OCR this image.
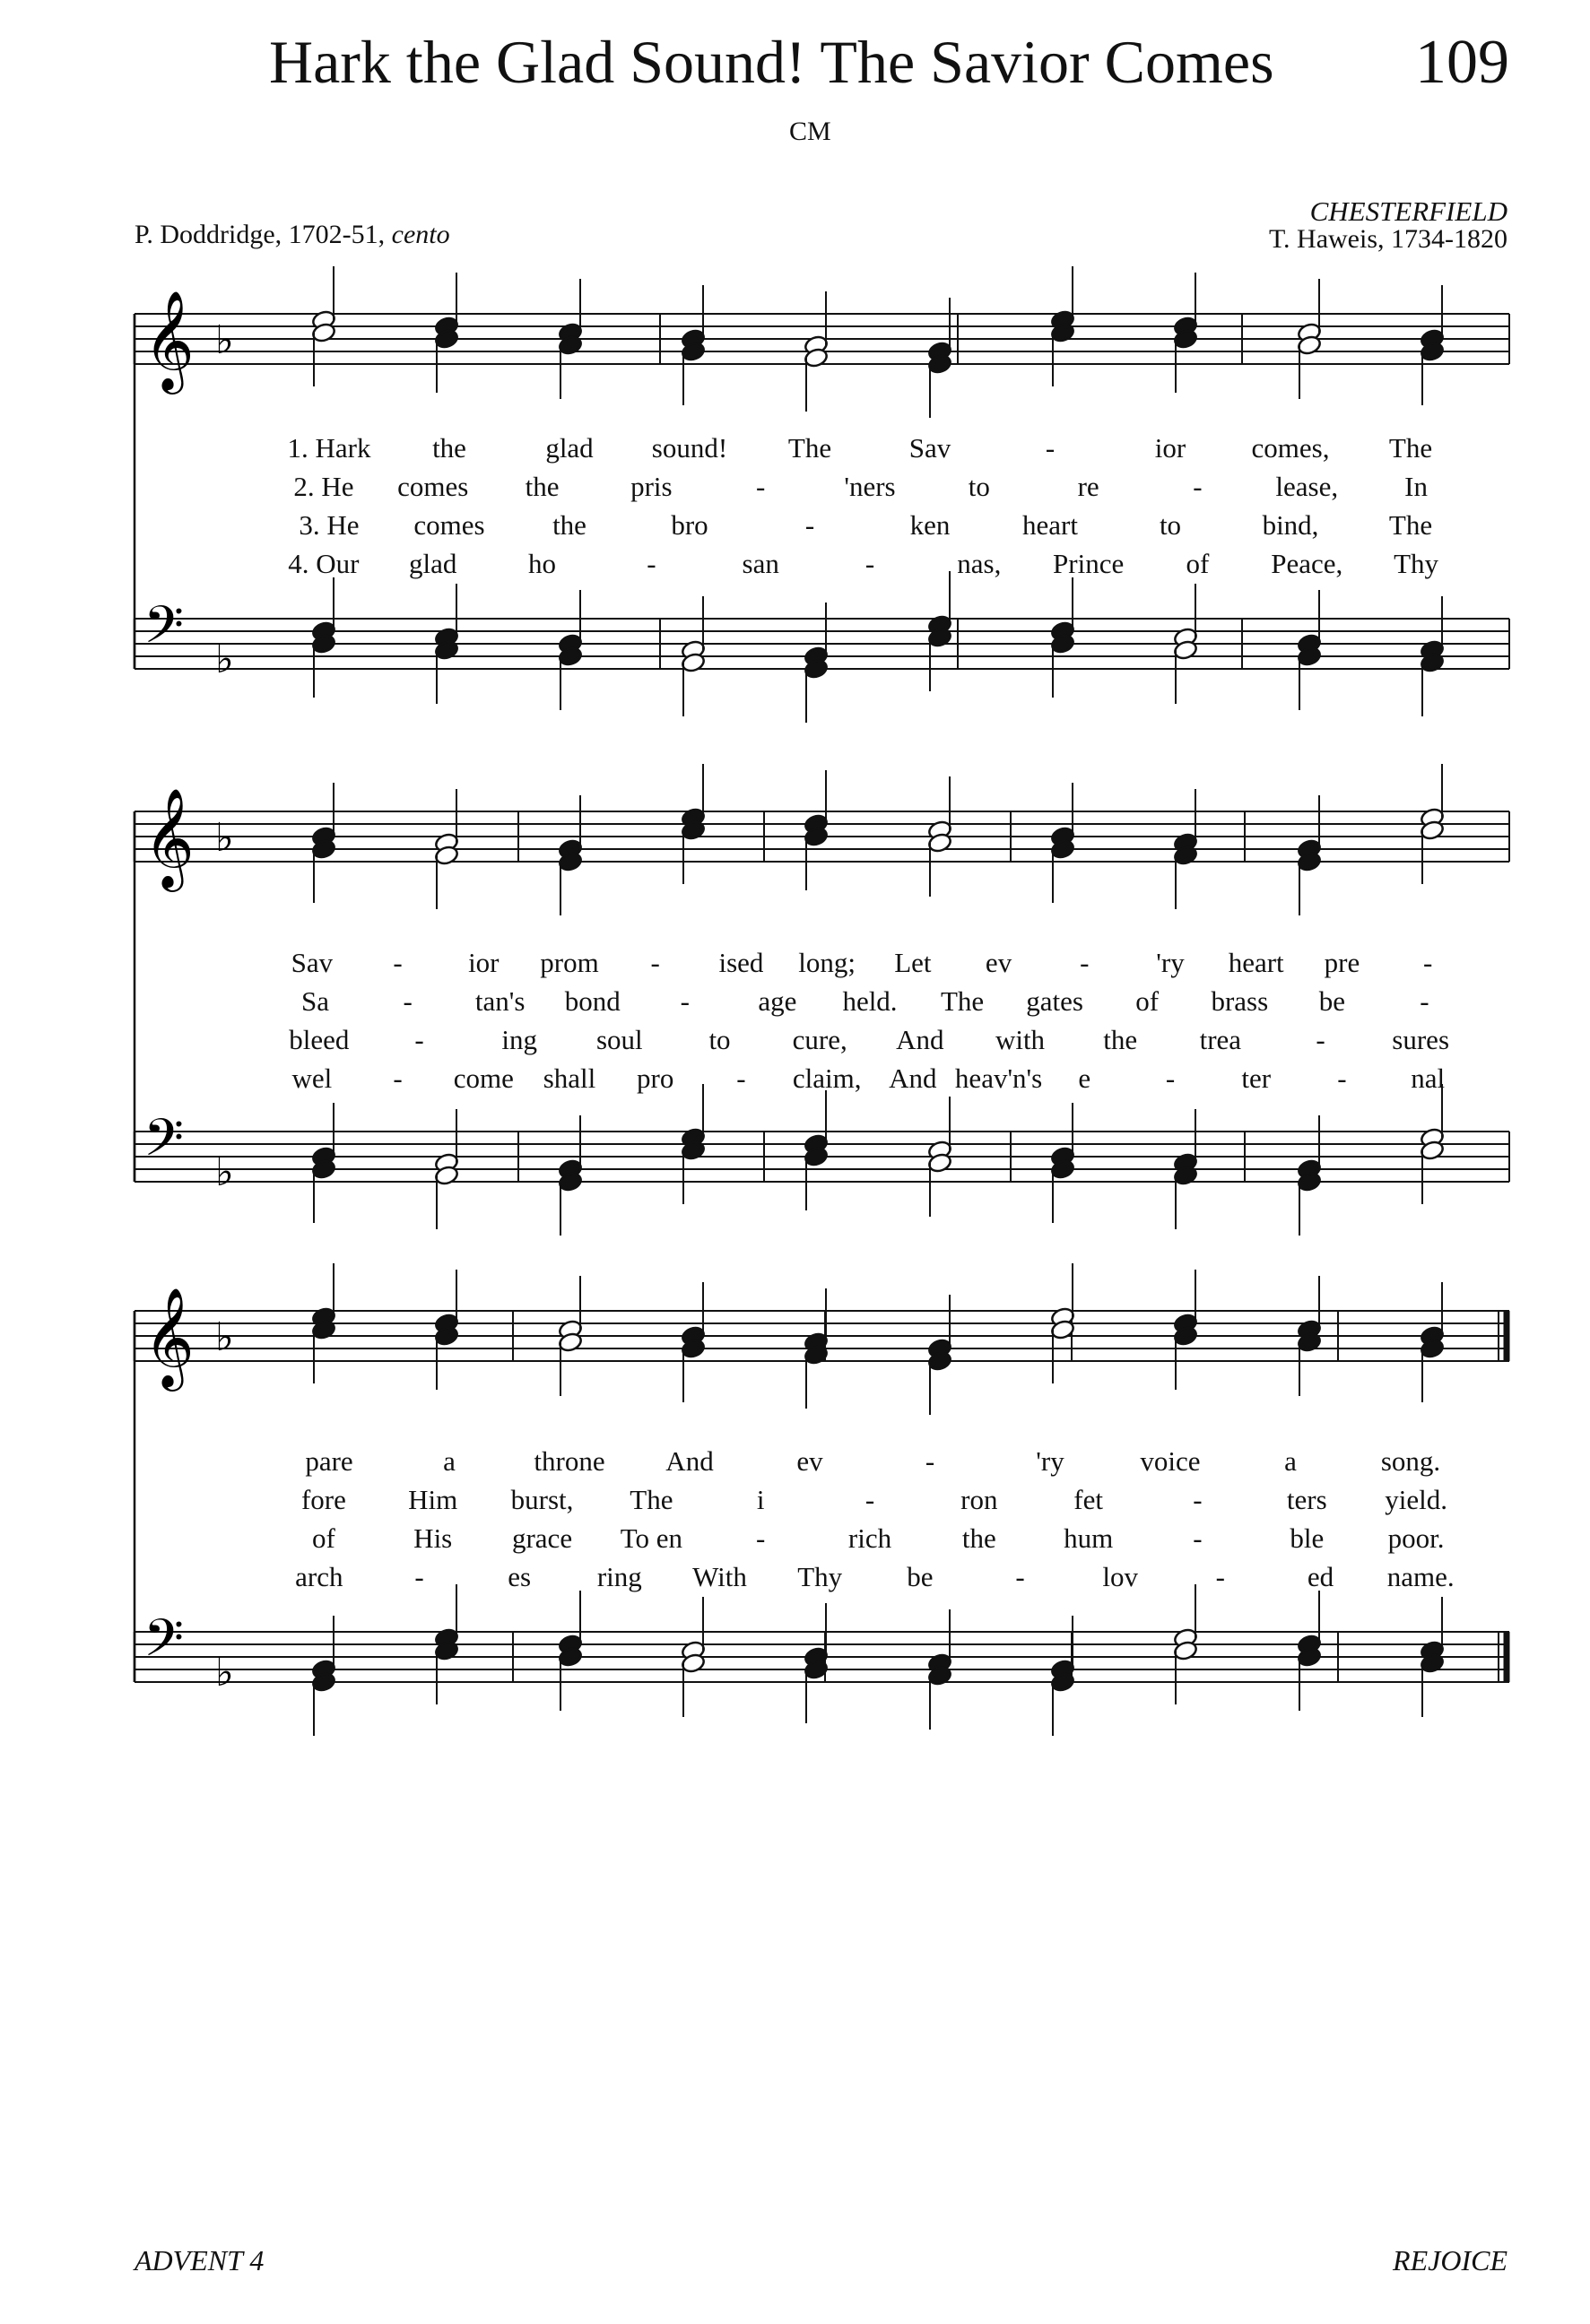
Hark the Glad Sound! The Savior Comes 109
CM
P. Doddridge, 1702-51, cento
CHESTERFIELD
T. Haweis, 1734-1820
𝄞 ♭
𝄢 ♭
𝄞 ♭
𝄢 ♭
𝄞 ♭
𝄢 ♭
1. Hark the	glad sound! The	Sav	-	ior comes, The
2. He comes the	pris	-	'ners	to	re	-	lease, In
3. He comes the	bro	-	ken	heart	to	bind,	The
4. Our glad	ho	-	san	-	nas, Prince of Peace, Thy
Sav - ior prom - ised long; Let ev - 'ry heart pre -
Sa	- tan's bond - age held. The gates of brass be	-
bleed -	ing soul to cure, And with the trea	- sures
wel - come shall pro - claim, And heav'n's e	- ter - nal
pare	a	throne And	ev	-	'ry	voice	a	song.
fore Him burst, The	i	-	ron	fet	-	ters yield.
of	His grace To en	-	rich	the hum	-	ble poor.
arch	-	es ring With Thy be	-	lov	-	ed name.
ADVENT 4	REJOICE
